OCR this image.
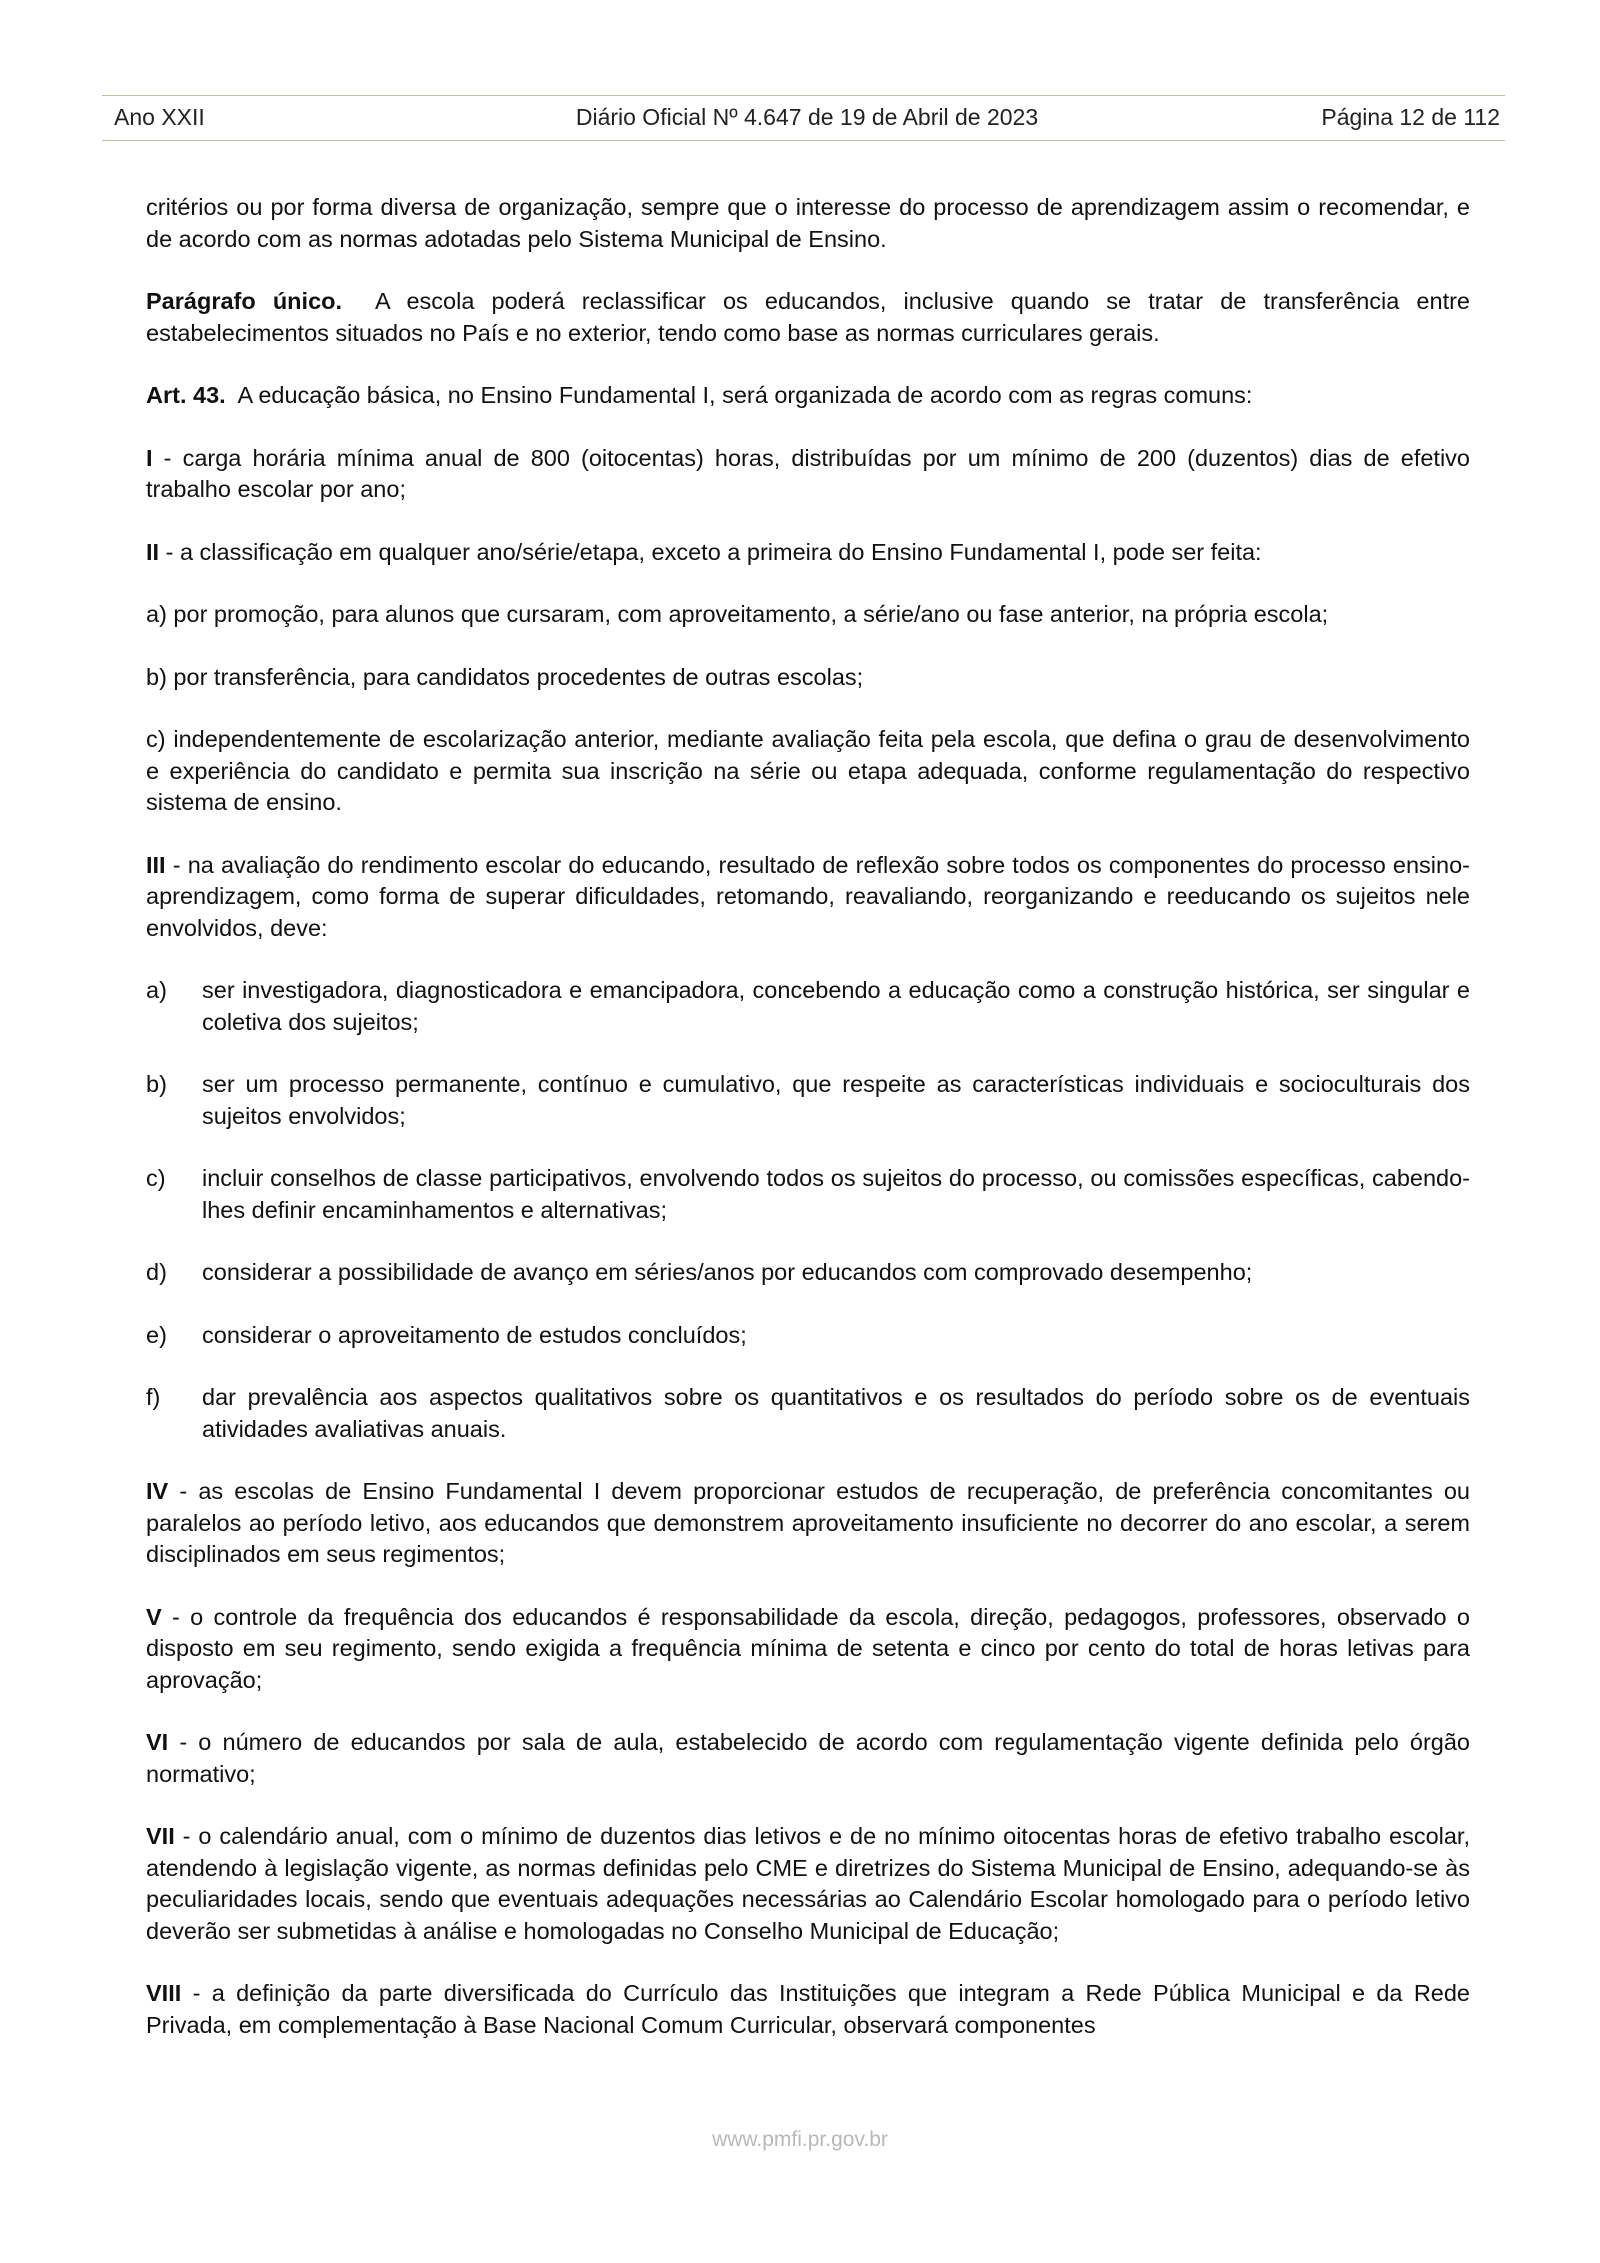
Ano XXII	Diário Oficial Nº 4.647 de 19 de Abril de 2023	Página 12 de 112

critérios ou por forma diversa de organização, sempre que o interesse do processo de aprendizagem assim o recomendar, e de acordo com as normas adotadas pelo Sistema Municipal de Ensino.

Parágrafo único. A escola poderá reclassificar os educandos, inclusive quando se tratar de transferência entre estabelecimentos situados no País e no exterior, tendo como base as normas curriculares gerais.

Art. 43. A educação básica, no Ensino Fundamental I, será organizada de acordo com as regras comuns:

I - carga horária mínima anual de 800 (oitocentas) horas, distribuídas por um mínimo de 200 (duzentos) dias de efetivo trabalho escolar por ano;

II - a classificação em qualquer ano/série/etapa, exceto a primeira do Ensino Fundamental I, pode ser feita:

a) por promoção, para alunos que cursaram, com aproveitamento, a série/ano ou fase anterior, na própria escola;

b) por transferência, para candidatos procedentes de outras escolas;

c) independentemente de escolarização anterior, mediante avaliação feita pela escola, que defina o grau de desenvolvimento e experiência do candidato e permita sua inscrição na série ou etapa adequada, conforme regulamentação do respectivo sistema de ensino.

III - na avaliação do rendimento escolar do educando, resultado de reflexão sobre todos os componentes do processo ensino-aprendizagem, como forma de superar dificuldades, retomando, reavaliando, reorganizando e reeducando os sujeitos nele envolvidos, deve:

a)	ser investigadora, diagnosticadora e emancipadora, concebendo a educação como a construção histórica, ser singular e coletiva dos sujeitos;

b)	ser um processo permanente, contínuo e cumulativo, que respeite as características individuais e socioculturais dos sujeitos envolvidos;

c)	incluir conselhos de classe participativos, envolvendo todos os sujeitos do processo, ou comissões específicas, cabendo-lhes definir encaminhamentos e alternativas;

d)	considerar a possibilidade de avanço em séries/anos por educandos com comprovado desempenho;

e)	considerar o aproveitamento de estudos concluídos;

f)	dar prevalência aos aspectos qualitativos sobre os quantitativos e os resultados do período sobre os de eventuais atividades avaliativas anuais.

IV - as escolas de Ensino Fundamental I devem proporcionar estudos de recuperação, de preferência concomitantes ou paralelos ao período letivo, aos educandos que demonstrem aproveitamento insuficiente no decorrer do ano escolar, a serem disciplinados em seus regimentos;

V - o controle da frequência dos educandos é responsabilidade da escola, direção, pedagogos, professores, observado o disposto em seu regimento, sendo exigida a frequência mínima de setenta e cinco por cento do total de horas letivas para aprovação;

VI - o número de educandos por sala de aula, estabelecido de acordo com regulamentação vigente definida pelo órgão normativo;

VII - o calendário anual, com o mínimo de duzentos dias letivos e de no mínimo oitocentas horas de efetivo trabalho escolar, atendendo à legislação vigente, as normas definidas pelo CME e diretrizes do Sistema Municipal de Ensino, adequando-se às peculiaridades locais, sendo que eventuais adequações necessárias ao Calendário Escolar homologado para o período letivo deverão ser submetidas à análise e homologadas no Conselho Municipal de Educação;

VIII - a definição da parte diversificada do Currículo das Instituições que integram a Rede Pública Municipal e da Rede Privada, em complementação à Base Nacional Comum Curricular, observará componentes

www.pmfi.pr.gov.br
